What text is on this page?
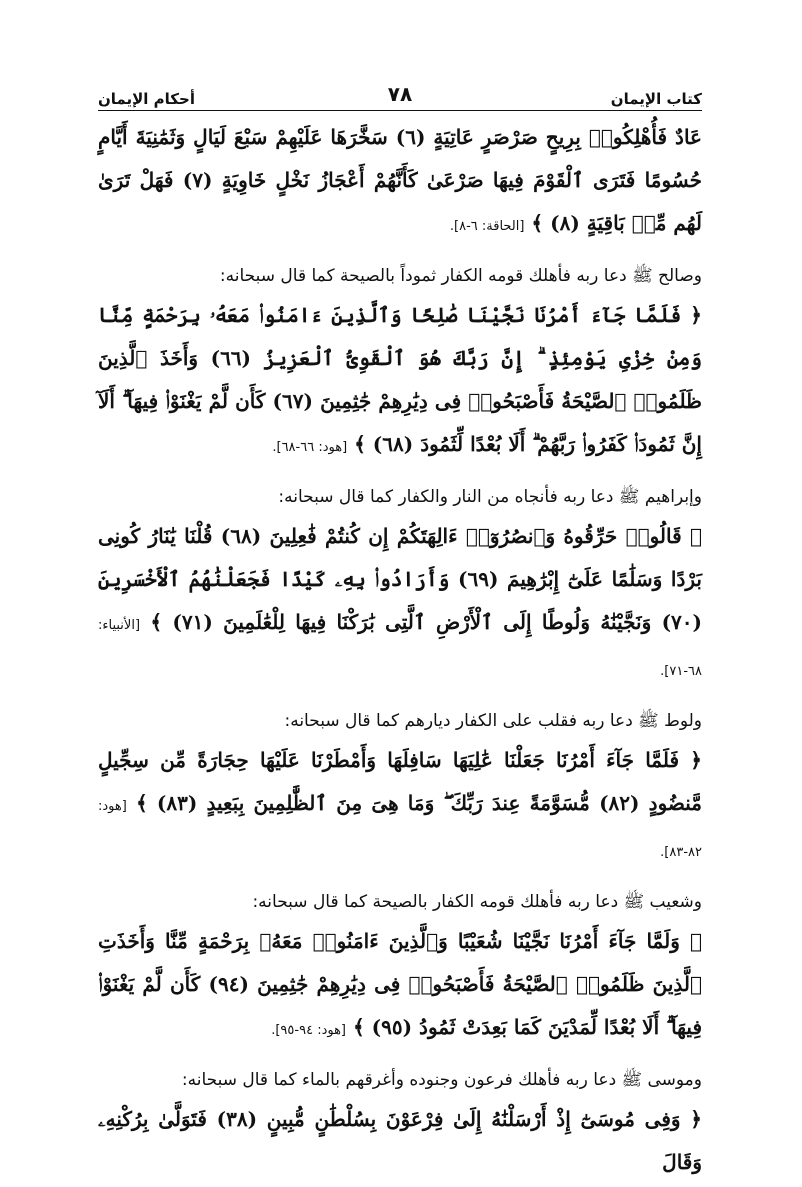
كتاب الإيمان
٧٨
أحكام الإيمان

عَادٌ فَأُهْلِكُوا۟ بِرِيحٍ صَرْصَرٍ عَاتِيَةٍ (٦) سَخَّرَهَا عَلَيْهِمْ سَبْعَ لَيَالٍ وَثَمَٰنِيَةَ أَيَّامٍ حُسُومًا فَتَرَى ٱلْقَوْمَ فِيهَا صَرْعَىٰ كَأَنَّهُمْ أَعْجَازُ نَخْلٍ خَاوِيَةٍ (٧) فَهَلْ تَرَىٰ لَهُم مِّنۢ بَاقِيَةٍ (٨) ﴾ [الحاقة: ٦-٨].

وصالح ﷺ دعا ربه فأهلك قومه الكفار ثموداً بالصيحة كما قال سبحانه:

﴿ فَلَمَّا جَآءَ أَمْرُنَا نَجَّيْنَا صَٰلِحًا وَٱلَّذِينَ ءَامَنُوا۟ مَعَهُۥ بِرَحْمَةٍ مِّنَّا وَمِنْ خِزْىِ يَوْمِئِذٍ ۗ إِنَّ رَبَّكَ هُوَ ٱلْقَوِىُّ ٱلْعَزِيزُ (٦٦) وَأَخَذَ ٱلَّذِينَ ظَلَمُوا۟ ٱلصَّيْحَةُ فَأَصْبَحُوا۟ فِى دِيَٰرِهِمْ جَٰثِمِينَ (٦٧) كَأَن لَّمْ يَغْنَوْا۟ فِيهَآ ۗ أَلَآ إِنَّ ثَمُودَا۟ كَفَرُوا۟ رَبَّهُمْ ۗ أَلَا بُعْدًا لِّثَمُودَ (٦٨) ﴾ [هود: ٦٦-٦٨].

وإبراهيم ﷺ دعا ربه فأنجاه من النار والكفار كما قال سبحانه:

﴿ قَالُوا۟ حَرِّقُوهُ وَٱنصُرُوٓا۟ ءَالِهَتَكُمْ إِن كُنتُمْ فَٰعِلِينَ (٦٨) قُلْنَا يَٰنَارُ كُونِى بَرْدًا وَسَلَٰمًا عَلَىٰٓ إِبْرَٰهِيمَ (٦٩) وَأَرَادُوا۟ بِهِۦ كَيْدًا فَجَعَلْنَٰهُمُ ٱلْأَخْسَرِينَ (٧٠) وَنَجَّيْنَٰهُ وَلُوطًا إِلَى ٱلْأَرْضِ ٱلَّتِى بَٰرَكْنَا فِيهَا لِلْعَٰلَمِينَ (٧١) ﴾ [الأنبياء: ٦٨-٧١].

ولوط ﷺ دعا ربه فقلب على الكفار ديارهم كما قال سبحانه:

﴿ فَلَمَّا جَآءَ أَمْرُنَا جَعَلْنَا عَٰلِيَهَا سَافِلَهَا وَأَمْطَرْنَا عَلَيْهَا حِجَارَةً مِّن سِجِّيلٍ مَّنضُودٍ (٨٢) مُّسَوَّمَةً عِندَ رَبِّكَ ۖ وَمَا هِىَ مِنَ ٱلظَّٰلِمِينَ بِبَعِيدٍ (٨٣) ﴾ [هود: ٨٢-٨٣].

وشعيب ﷺ دعا ربه فأهلك قومه الكفار بالصيحة كما قال سبحانه:

﴿ وَلَمَّا جَآءَ أَمْرُنَا نَجَّيْنَا شُعَيْبًا وَٱلَّذِينَ ءَامَنُوا۟ مَعَهُۥ بِرَحْمَةٍ مِّنَّا وَأَخَذَتِ ٱلَّذِينَ ظَلَمُوا۟ ٱلصَّيْحَةُ فَأَصْبَحُوا۟ فِى دِيَٰرِهِمْ جَٰثِمِينَ (٩٤) كَأَن لَّمْ يَغْنَوْا۟ فِيهَآ ۗ أَلَا بُعْدًا لِّمَدْيَنَ كَمَا بَعِدَتْ ثَمُودُ (٩٥) ﴾ [هود: ٩٤-٩٥].

وموسى ﷺ دعا ربه فأهلك فرعون وجنوده وأغرقهم بالماء كما قال سبحانه:

﴿ وَفِى مُوسَىٰٓ إِذْ أَرْسَلْنَٰهُ إِلَىٰ فِرْعَوْنَ بِسُلْطَٰنٍ مُّبِينٍ (٣٨) فَتَوَلَّىٰ بِرُكْنِهِۦ وَقَالَ
